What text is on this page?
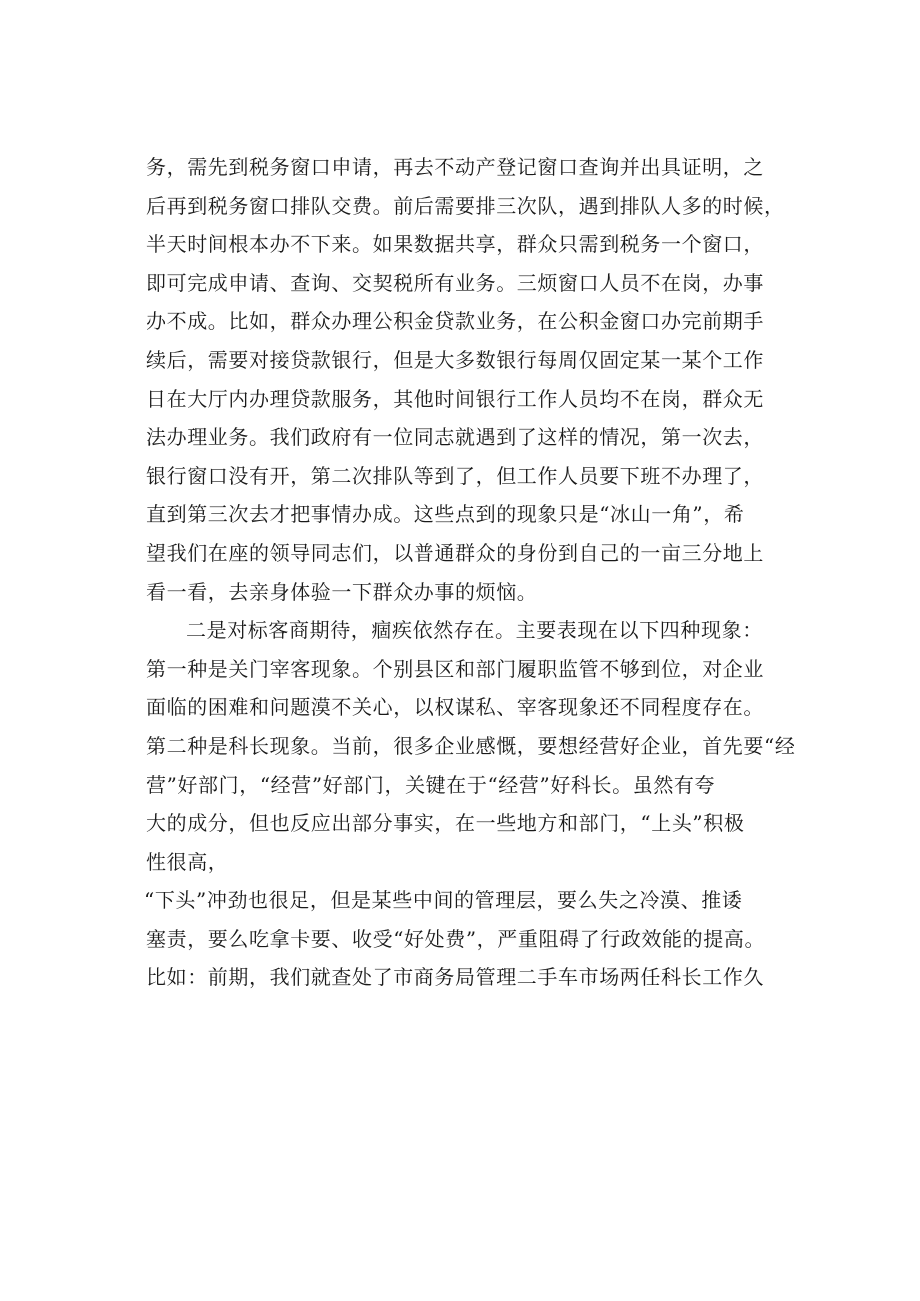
务，需先到税务窗口申请，再去不动产登记窗口查询并出具证明，之
后再到税务窗口排队交费。前后需要排三次队，遇到排队人多的时候，
半天时间根本办不下来。如果数据共享，群众只需到税务一个窗口，
即可完成申请、查询、交契税所有业务。三烦窗口人员不在岗，办事
办不成。比如，群众办理公积金贷款业务，在公积金窗口办完前期手
续后，需要对接贷款银行，但是大多数银行每周仅固定某一某个工作
日在大厅内办理贷款服务，其他时间银行工作人员均不在岗，群众无
法办理业务。我们政府有一位同志就遇到了这样的情况，第一次去，
银行窗口没有开，第二次排队等到了，但工作人员要下班不办理了，
直到第三次去才把事情办成。这些点到的现象只是“冰山一角”，希
望我们在座的领导同志们，以普通群众的身份到自己的一亩三分地上
看一看，去亲身体验一下群众办事的烦恼。
二是对标客商期待，痼疾依然存在。主要表现在以下四种现象：
第一种是关门宰客现象。个别县区和部门履职监管不够到位，对企业
面临的困难和问题漠不关心，以权谋私、宰客现象还不同程度存在。
第二种是科长现象。当前，很多企业感慨，要想经营好企业，首先要“经
营”好部门，“经营”好部门，关键在于“经营”好科长。虽然有夸
大的成分，但也反应出部分事实，在一些地方和部门，“上头”积极
性很高，
“下头”冲劲也很足，但是某些中间的管理层，要么失之冷漠、推诿
塞责，要么吃拿卡要、收受“好处费”，严重阻碍了行政效能的提高。
比如：前期，我们就查处了市商务局管理二手车市场两任科长工作久
